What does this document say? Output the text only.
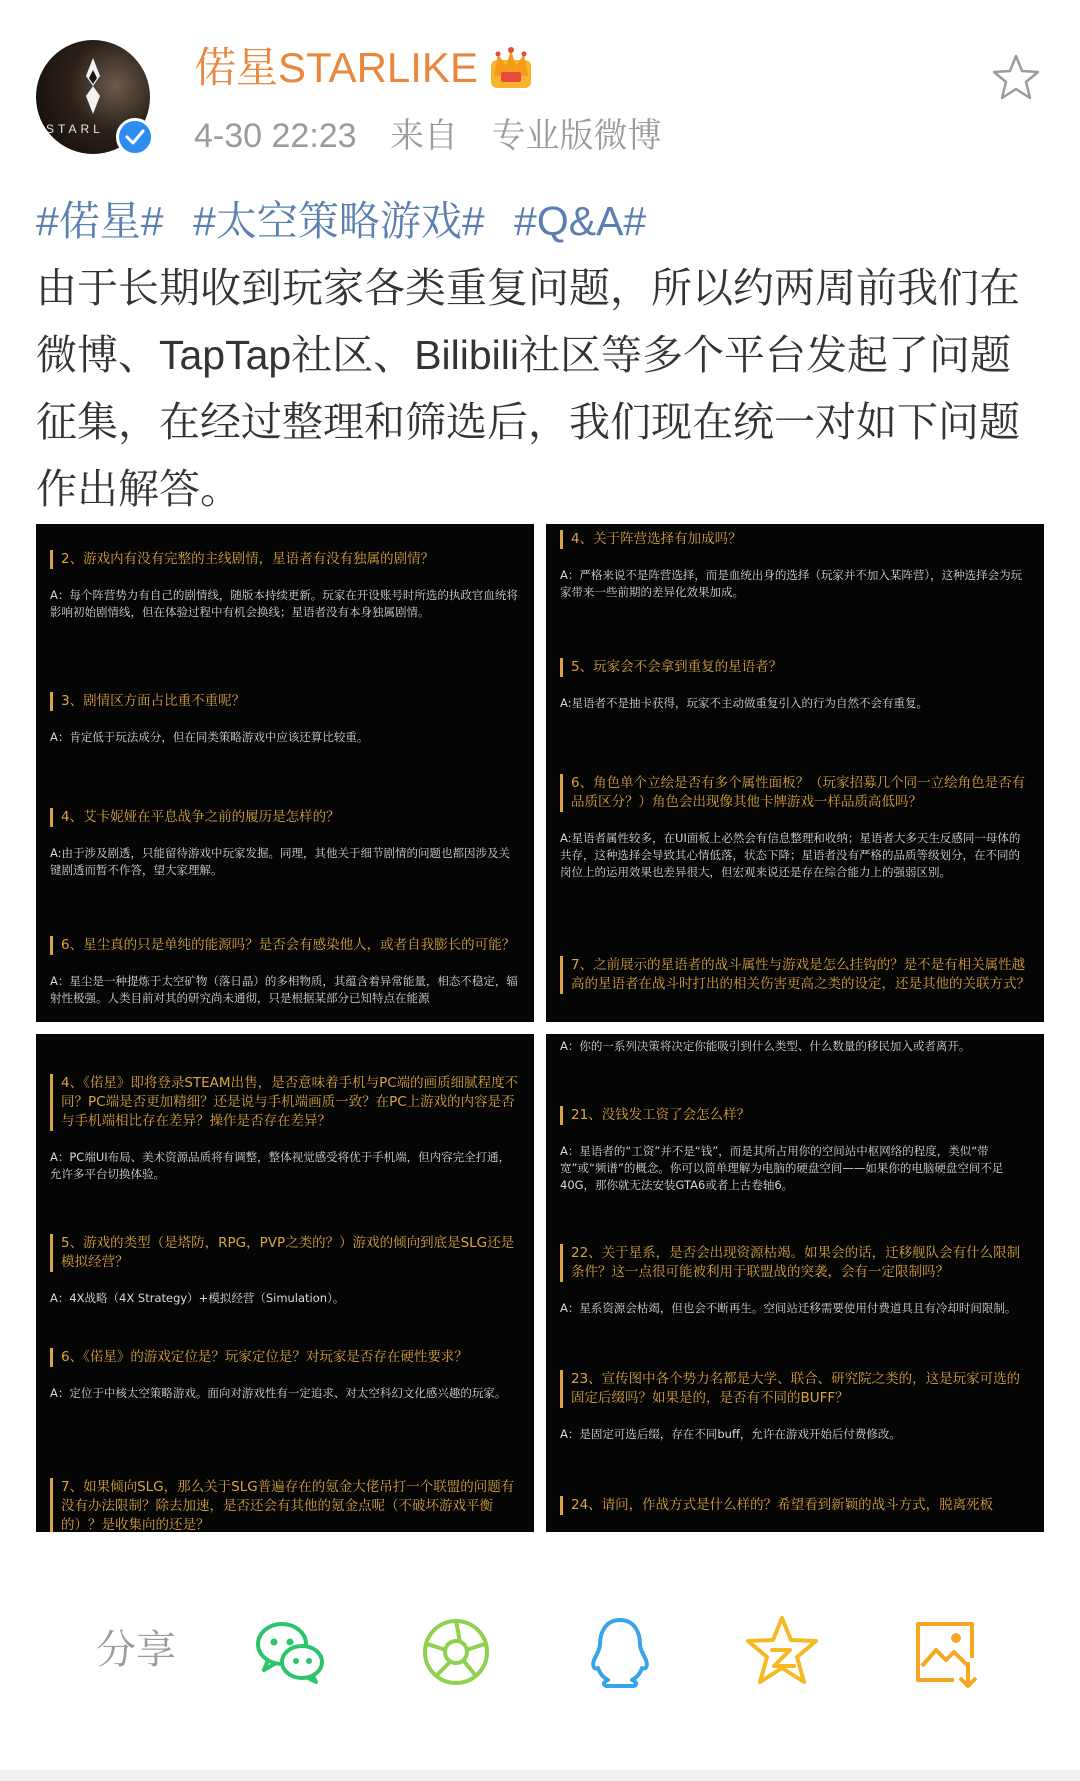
STARL
偌星STARLIKE
4-30 22:23 来自 专业版微博
#偌星# #太空策略游戏# #Q&A#

由于长期收到玩家各类重复问题，所以约两周前我们在微博、TapTap社区、Bilibili社区等多个平台发起了问题征集，在经过整理和筛选后，我们现在统一对如下问题作出解答。

2、游戏内有没有完整的主线剧情，星语者有没有独属的剧情？
A：每个阵营势力有自己的剧情线，随版本持续更新。玩家在开设账号时所选的执政官血统将影响初始剧情线，但在体验过程中有机会换线；星语者没有本身独属剧情。
3、剧情区方面占比重不重呢？
A：肯定低于玩法成分，但在同类策略游戏中应该还算比较重。
4、艾卡妮娅在平息战争之前的履历是怎样的？
A:由于涉及剧透，只能留待游戏中玩家发掘。同理，其他关于细节剧情的问题也都因涉及关键剧透而暂不作答，望大家理解。
6、星尘真的只是单纯的能源吗？是否会有感染他人，或者自我膨长的可能？
A：星尘是一种提炼于太空矿物（落日晶）的多相物质，其蕴含着异常能量，相态不稳定，辐射性极强。人类目前对其的研究尚未通彻，只是根据某部分已知特点在能源
4、关于阵营选择有加成吗？
A：严格来说不是阵营选择，而是血统出身的选择（玩家并不加入某阵营），这种选择会为玩家带来一些前期的差异化效果加成。
5、玩家会不会拿到重复的星语者？
A:星语者不是抽卡获得，玩家不主动做重复引入的行为自然不会有重复。
6、角色单个立绘是否有多个属性面板？（玩家招募几个同一立绘角色是否有品质区分？）角色会出现像其他卡牌游戏一样品质高低吗？
A:星语者属性较多，在UI面板上必然会有信息整理和收纳；星语者大多天生反感同一母体的共存，这种选择会导致其心情低落，状态下降；星语者没有严格的品质等级划分，在不同的岗位上的运用效果也差异很大，但宏观来说还是存在综合能力上的强弱区别。
7、之前展示的星语者的战斗属性与游戏是怎么挂钩的？是不是有相关属性越高的星语者在战斗时打出的相关伤害更高之类的设定，还是其他的关联方式？
4、《偌星》即将登录STEAM出售，是否意味着手机与PC端的画质细腻程度不同？PC端是否更加精细？还是说与手机端画质一致？在PC上游戏的内容是否与手机端相比存在差异？操作是否存在差异？
A：PC端UI布局、美术资源品质将有调整，整体视觉感受将优于手机端，但内容完全打通，允许多平台切换体验。
5、游戏的类型（是塔防，RPG，PVP之类的？）游戏的倾向到底是SLG还是模拟经营？
A：4X战略（4X Strategy）+模拟经营（Simulation）。
6、《偌星》的游戏定位是？玩家定位是？对玩家是否存在硬性要求？
A：定位于中核太空策略游戏。面向对游戏性有一定追求、对太空科幻文化感兴趣的玩家。
7、如果倾向SLG，那么关于SLG普遍存在的氪金大佬吊打一个联盟的问题有没有办法限制？除去加速，是否还会有其他的氪金点呢（不破坏游戏平衡的）？是收集向的还是？
A：你的一系列决策将决定你能吸引到什么类型、什么数量的移民加入或者离开。
21、没钱发工资了会怎么样？
A：星语者的“工资”并不是“钱”，而是其所占用你的空间站中枢网络的程度，类似“带宽”或“频谱”的概念。你可以简单理解为电脑的硬盘空间——如果你的电脑硬盘空间不足40G，那你就无法安装GTA6或者上古卷轴6。
22、关于星系，是否会出现资源枯竭。如果会的话，迁移舰队会有什么限制条件？这一点很可能被利用于联盟战的突袭，会有一定限制吗？
A：星系资源会枯竭，但也会不断再生。空间站迁移需要使用付费道具且有冷却时间限制。
23、宣传图中各个势力名都是大学、联合、研究院之类的，这是玩家可选的固定后缀吗？如果是的，是否有不同的BUFF？
A：是固定可选后缀，存在不同buff，允许在游戏开始后付费修改。
24、请问，作战方式是什么样的？希望看到新颖的战斗方式，脱离死板
分享
